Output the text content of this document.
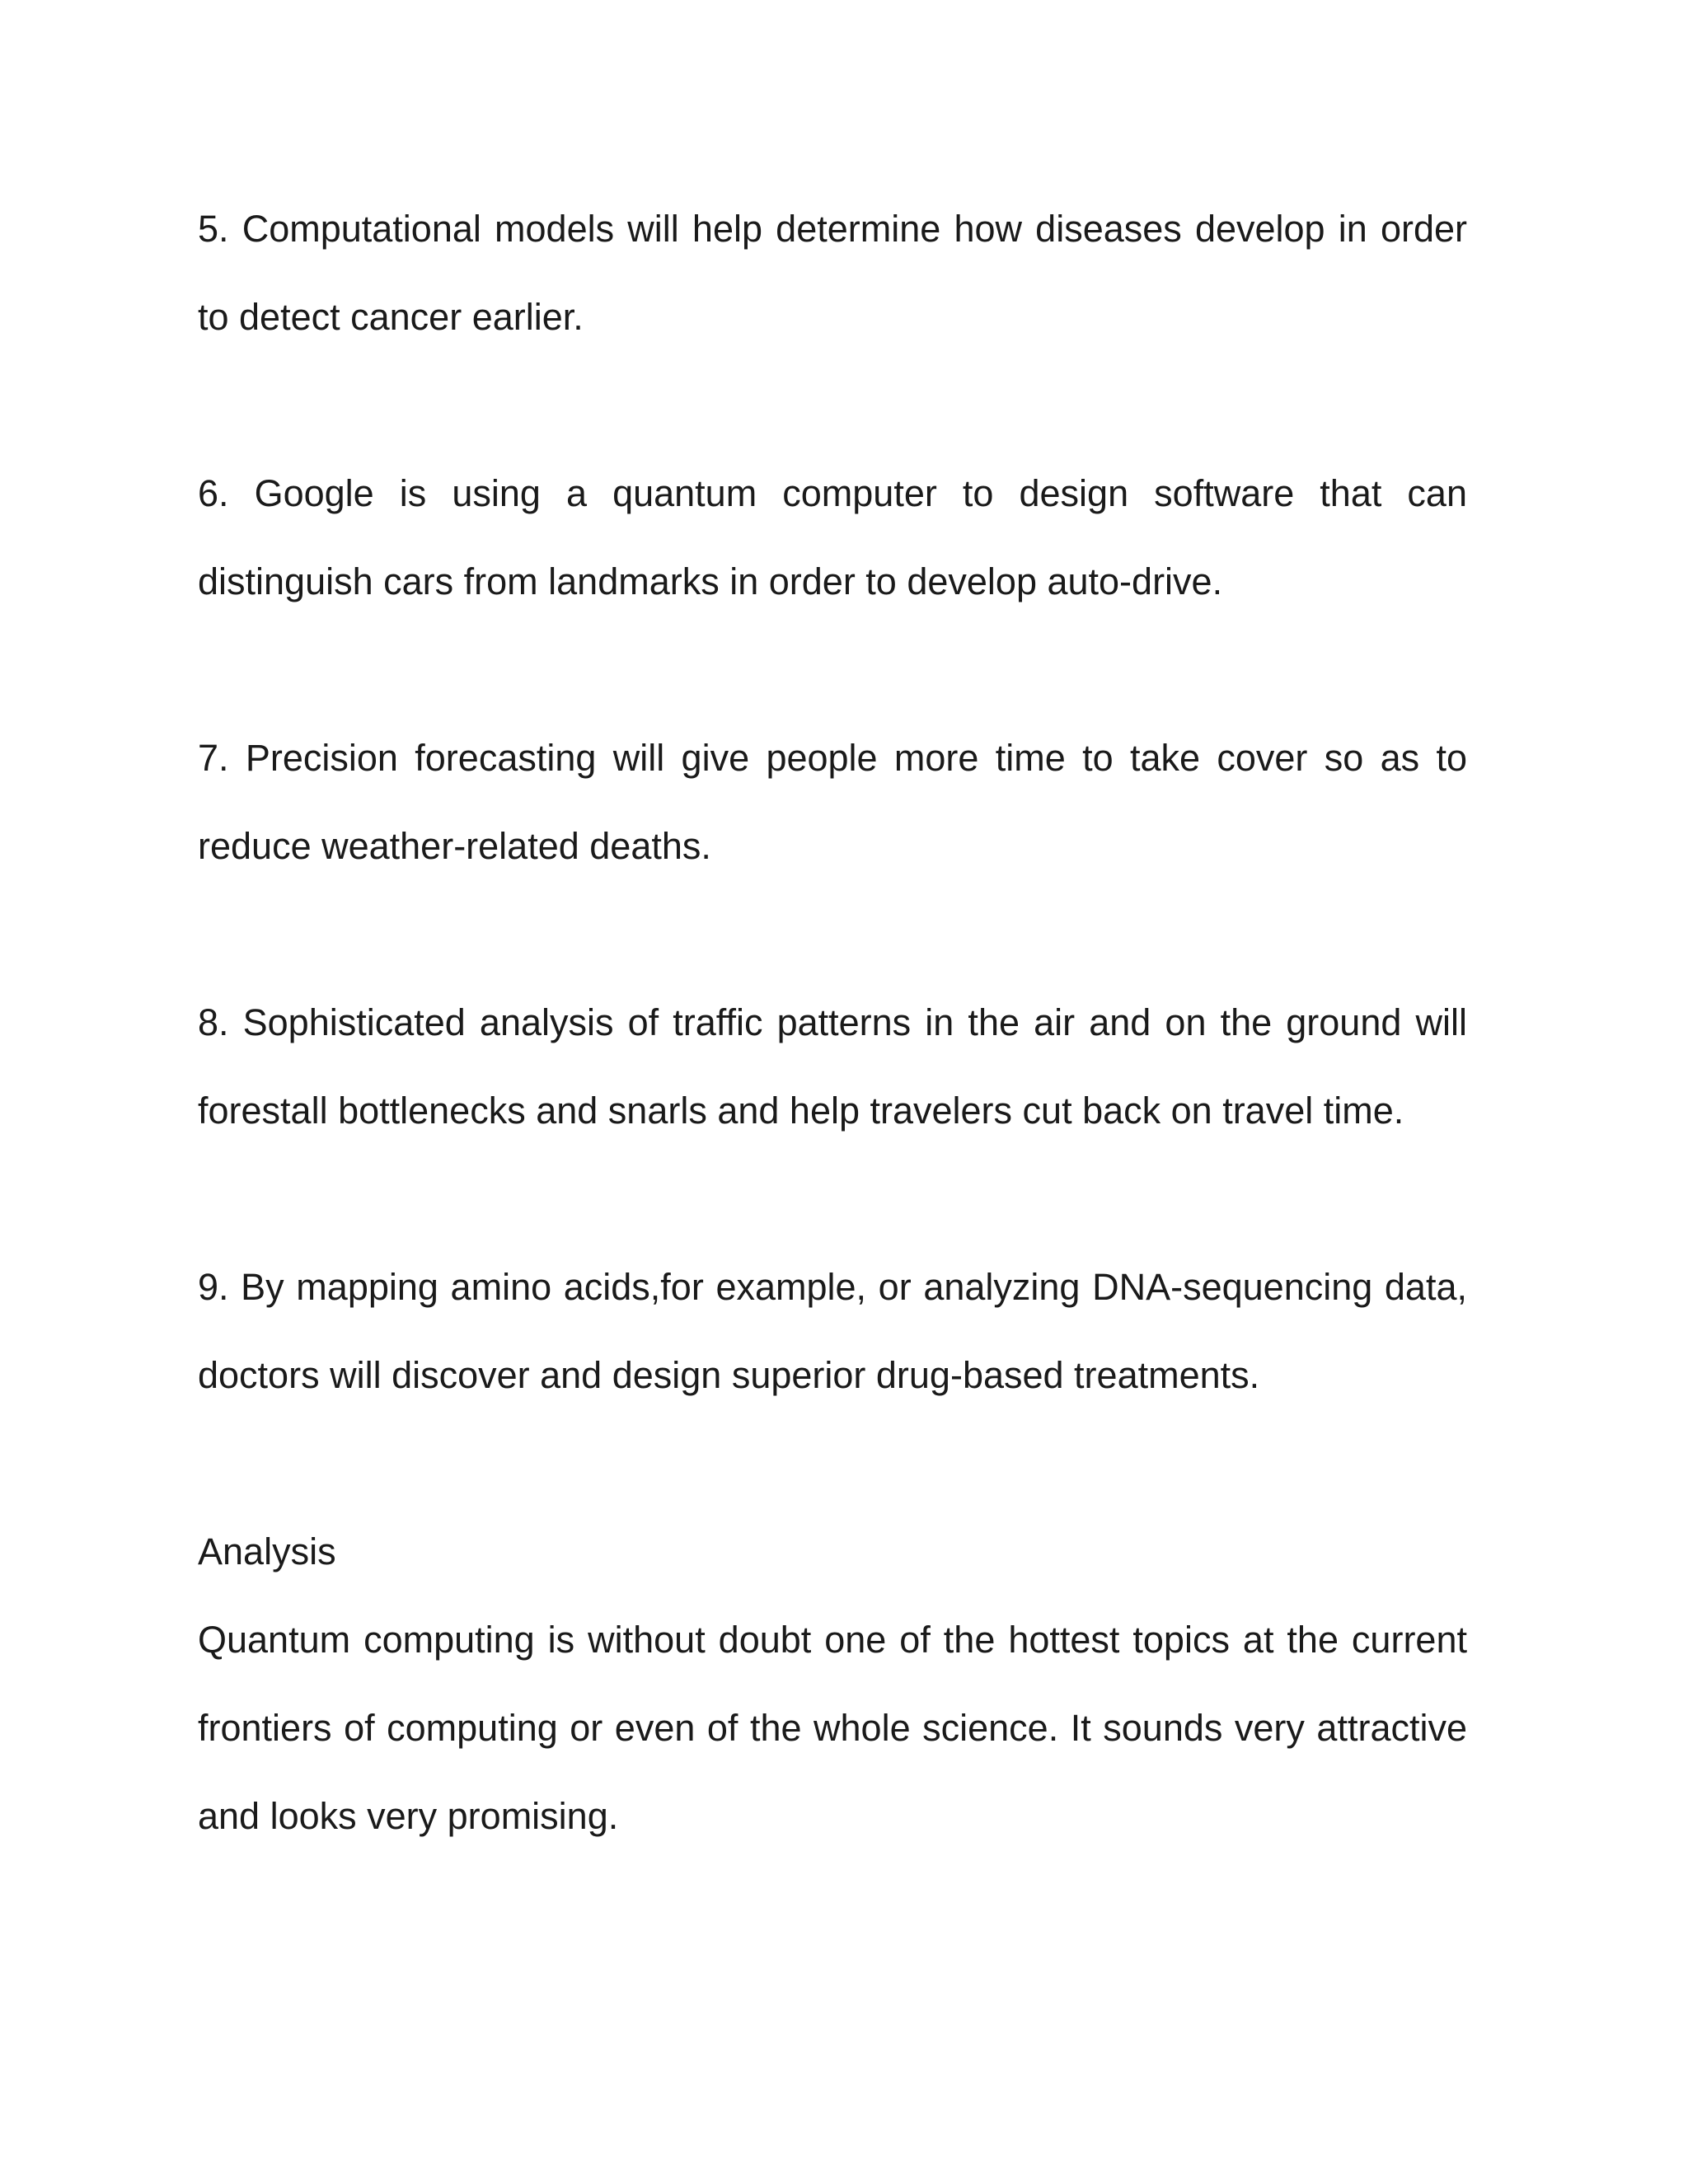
5. Computational models will help determine how diseases develop in order to detect cancer earlier.

6. Google is using a quantum computer to design software that can distinguish cars from landmarks in order to develop auto-drive.

7. Precision forecasting will give people more time to take cover so as to reduce weather-related deaths.

8. Sophisticated analysis of traffic patterns in the air and on the ground will forestall bottlenecks and snarls and help travelers cut back on travel time.

9. By mapping amino acids,for example, or analyzing DNA-sequencing data, doctors will discover and design superior drug-based treatments.

Analysis

Quantum computing is without doubt one of the hottest topics at the current frontiers of computing or even of the whole science. It sounds very attractive and looks very promising.
